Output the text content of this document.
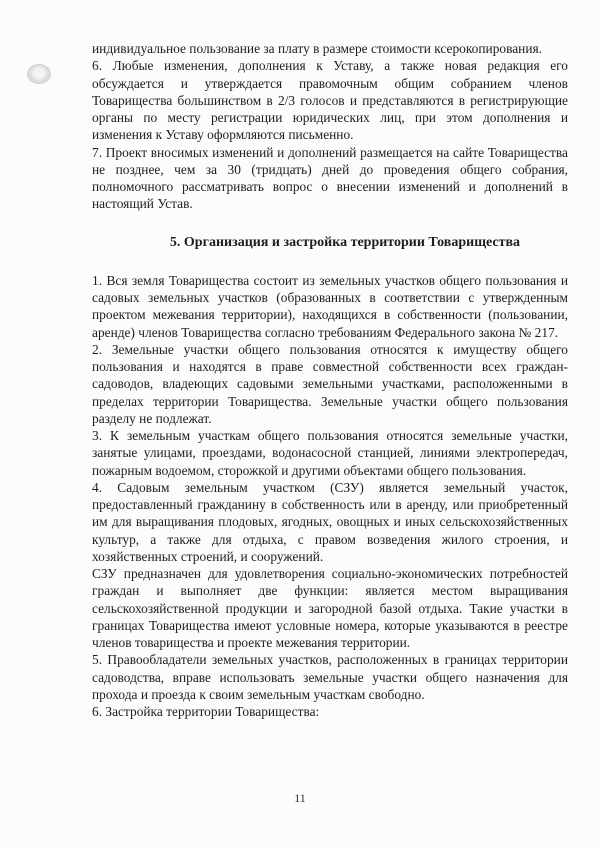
индивидуальное пользование за плату в размере стоимости ксерокопирования.

6. Любые изменения, дополнения к Уставу, а также новая редакция его обсуждается и утверждается правомочным общим собранием членов Товарищества большинством в 2/3 голосов и представляются в регистрирующие органы по месту регистрации юридических лиц, при этом дополнения и изменения к Уставу оформляются письменно.

7. Проект вносимых изменений и дополнений размещается на сайте Товарищества не позднее, чем за 30 (тридцать) дней до проведения общего собрания, полномочного рассматривать вопрос о внесении изменений и дополнений в настоящий Устав.

5. Организация и застройка территории Товарищества

1. Вся земля Товарищества состоит из земельных участков общего пользования и садовых земельных участков (образованных в соответствии с утвержденным проектом межевания территории), находящихся в собственности (пользовании, аренде) членов Товарищества согласно требованиям Федерального закона № 217.

2. Земельные участки общего пользования относятся к имуществу общего пользования и находятся в праве совместной собственности всех граждан-садоводов, владеющих садовыми земельными участками, расположенными в пределах территории Товарищества. Земельные участки общего пользования разделу не подлежат.

3. К земельным участкам общего пользования относятся земельные участки, занятые улицами, проездами, водонасосной станцией, линиями электропередач, пожарным водоемом, сторожкой и другими объектами общего пользования.

4. Садовым земельным участком (СЗУ) является земельный участок, предоставленный гражданину в собственность или в аренду, или приобретенный им для выращивания плодовых, ягодных, овощных и иных сельскохозяйственных культур, а также для отдыха, с правом возведения жилого строения, и хозяйственных строений, и сооружений.

СЗУ предназначен для удовлетворения социально-экономических потребностей граждан и выполняет две функции: является местом выращивания сельскохозяйственной продукции и загородной базой отдыха. Такие участки в границах Товарищества имеют условные номера, которые указываются в реестре членов товарищества и проекте межевания территории.

5. Правообладатели земельных участков, расположенных в границах территории садоводства, вправе использовать земельные участки общего назначения для прохода и проезда к своим земельным участкам свободно.

6. Застройка территории Товарищества:

11
